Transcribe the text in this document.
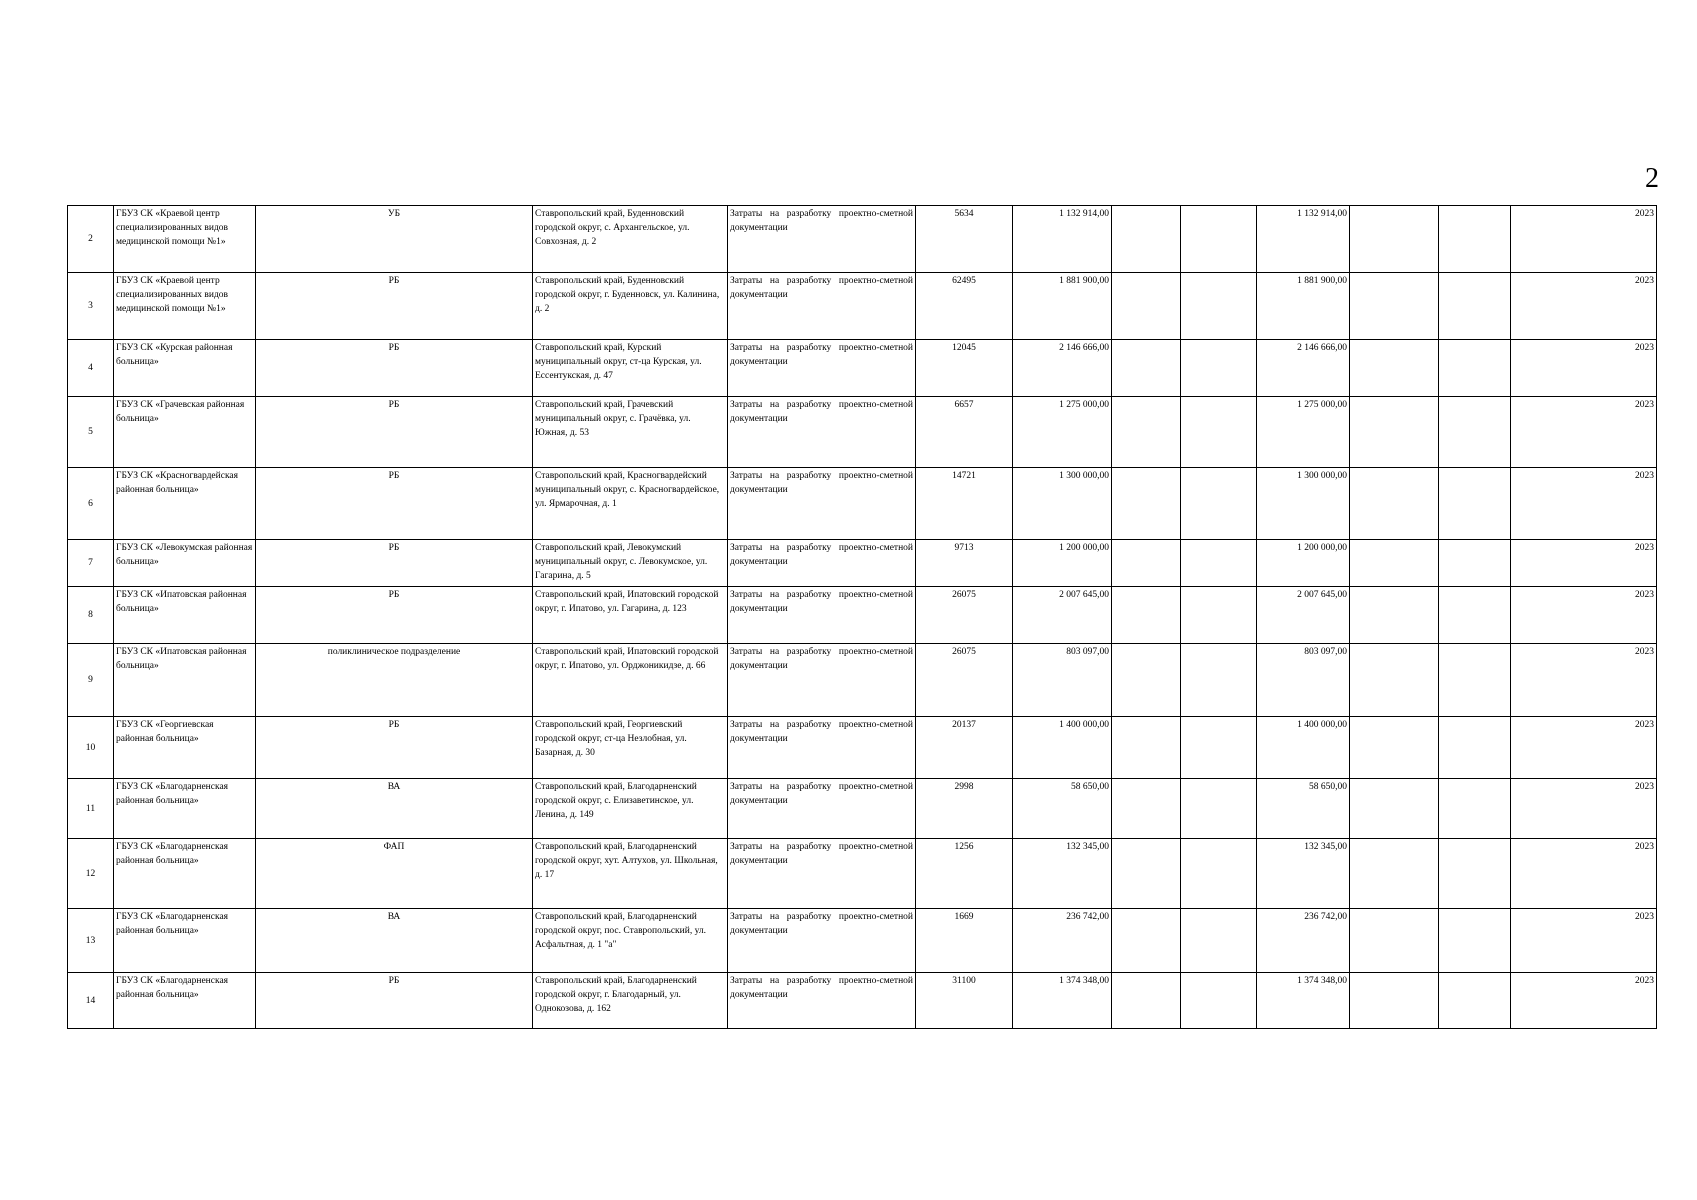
2
2	ГБУЗ СК «Краевой центр специализированных видов медицинской помощи №1»	УБ	Ставропольский край, Буденновский городской округ, с. Архангельское, ул. Совхозная, д. 2	Затраты на разработку проектно-сметной документации	5634	1 132 914,00			1 132 914,00			2023
3	ГБУЗ СК «Краевой центр специализированных видов медицинской помощи №1»	РБ	Ставропольский край, Буденновский городской округ, г. Буденновск, ул. Калинина, д. 2	Затраты на разработку проектно-сметной документации	62495	1 881 900,00			1 881 900,00			2023
4	ГБУЗ СК «Курская районная больница»	РБ	Ставропольский край, Курский муниципальный округ, ст-ца Курская, ул. Ессентукская, д. 47	Затраты на разработку проектно-сметной документации	12045	2 146 666,00			2 146 666,00			2023
5	ГБУЗ СК «Грачевская районная больница»	РБ	Ставропольский край, Грачевский муниципальный округ, с. Грачёвка, ул. Южная, д. 53	Затраты на разработку проектно-сметной документации	6657	1 275 000,00			1 275 000,00			2023
6	ГБУЗ СК «Красногвардейская районная больница»	РБ	Ставропольский край, Красногвардейский муниципальный округ, с. Красногвардейское, ул. Ярмарочная, д. 1	Затраты на разработку проектно-сметной документации	14721	1 300 000,00			1 300 000,00			2023
7	ГБУЗ СК «Левокумская районная больница»	РБ	Ставропольский край, Левокумский муниципальный округ, с. Левокумское, ул. Гагарина, д. 5	Затраты на разработку проектно-сметной документации	9713	1 200 000,00			1 200 000,00			2023
8	ГБУЗ СК «Ипатовская районная больница»	РБ	Ставропольский край, Ипатовский городской округ, г. Ипатово, ул. Гагарина, д. 123	Затраты на разработку проектно-сметной документации	26075	2 007 645,00			2 007 645,00			2023
9	ГБУЗ СК «Ипатовская районная больница»	поликлиническое подразделение	Ставропольский край, Ипатовский городской округ, г. Ипатово, ул. Орджоникидзе, д. 66	Затраты на разработку проектно-сметной документации	26075	803 097,00			803 097,00			2023
10	ГБУЗ СК «Георгиевская районная больница»	РБ	Ставропольский край, Георгиевский городской округ, ст-ца Незлобная, ул. Базарная, д. 30	Затраты на разработку проектно-сметной документации	20137	1 400 000,00			1 400 000,00			2023
11	ГБУЗ СК «Благодарненская районная больница»	ВА	Ставропольский край, Благодарненский городской округ, с. Елизаветинское, ул. Ленина, д. 149	Затраты на разработку проектно-сметной документации	2998	58 650,00			58 650,00			2023
12	ГБУЗ СК «Благодарненская районная больница»	ФАП	Ставропольский край, Благодарненский городской округ, хут. Алтухов, ул. Школьная, д. 17	Затраты на разработку проектно-сметной документации	1256	132 345,00			132 345,00			2023
13	ГБУЗ СК «Благодарненская районная больница»	ВА	Ставропольский край, Благодарненский городской округ, пос. Ставропольский, ул. Асфальтная, д. 1 "а"	Затраты на разработку проектно-сметной документации	1669	236 742,00			236 742,00			2023
14	ГБУЗ СК «Благодарненская районная больница»	РБ	Ставропольский край, Благодарненский городской округ, г. Благодарный, ул. Однокозова, д. 162	Затраты на разработку проектно-сметной документации	31100	1 374 348,00			1 374 348,00			2023
